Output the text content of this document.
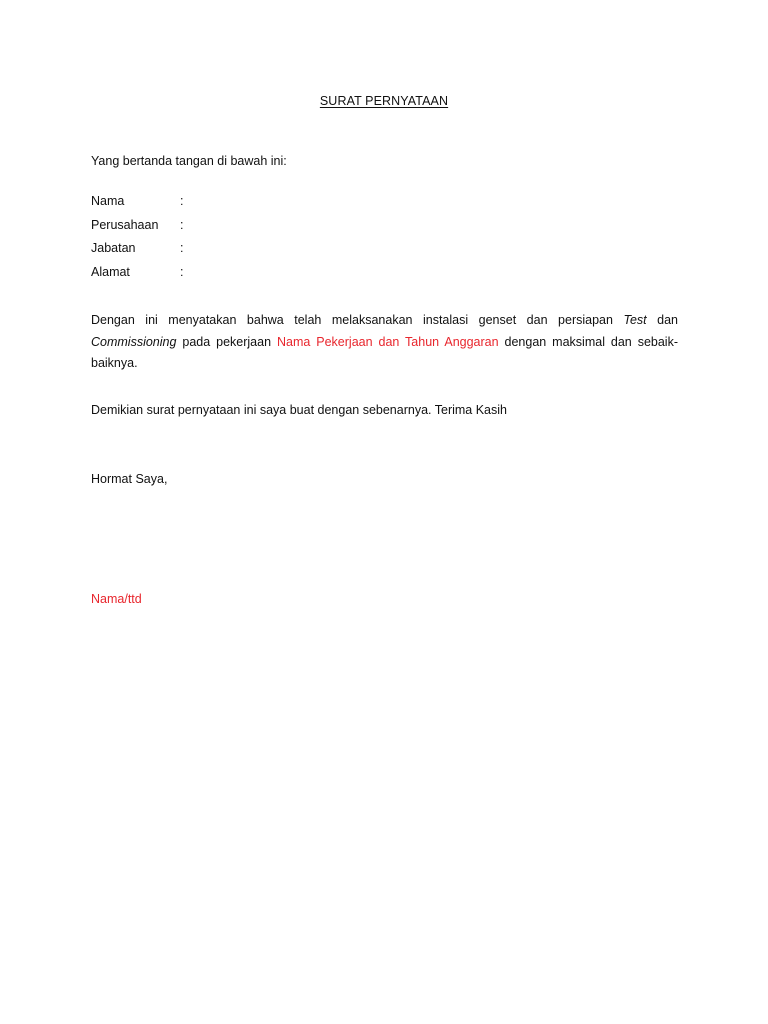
SURAT PERNYATAAN
Yang bertanda tangan di bawah ini:
Nama	:
Perusahaan :
Jabatan	:
Alamat	:

Dengan ini menyatakan bahwa telah melaksanakan instalasi genset dan persiapan Test dan Commissioning pada pekerjaan Nama Pekerjaan dan Tahun Anggaran dengan maksimal dan sebaik-baiknya.

Demikian surat pernyataan ini saya buat dengan sebenarnya. Terima Kasih

Hormat Saya,
Nama/ttd
